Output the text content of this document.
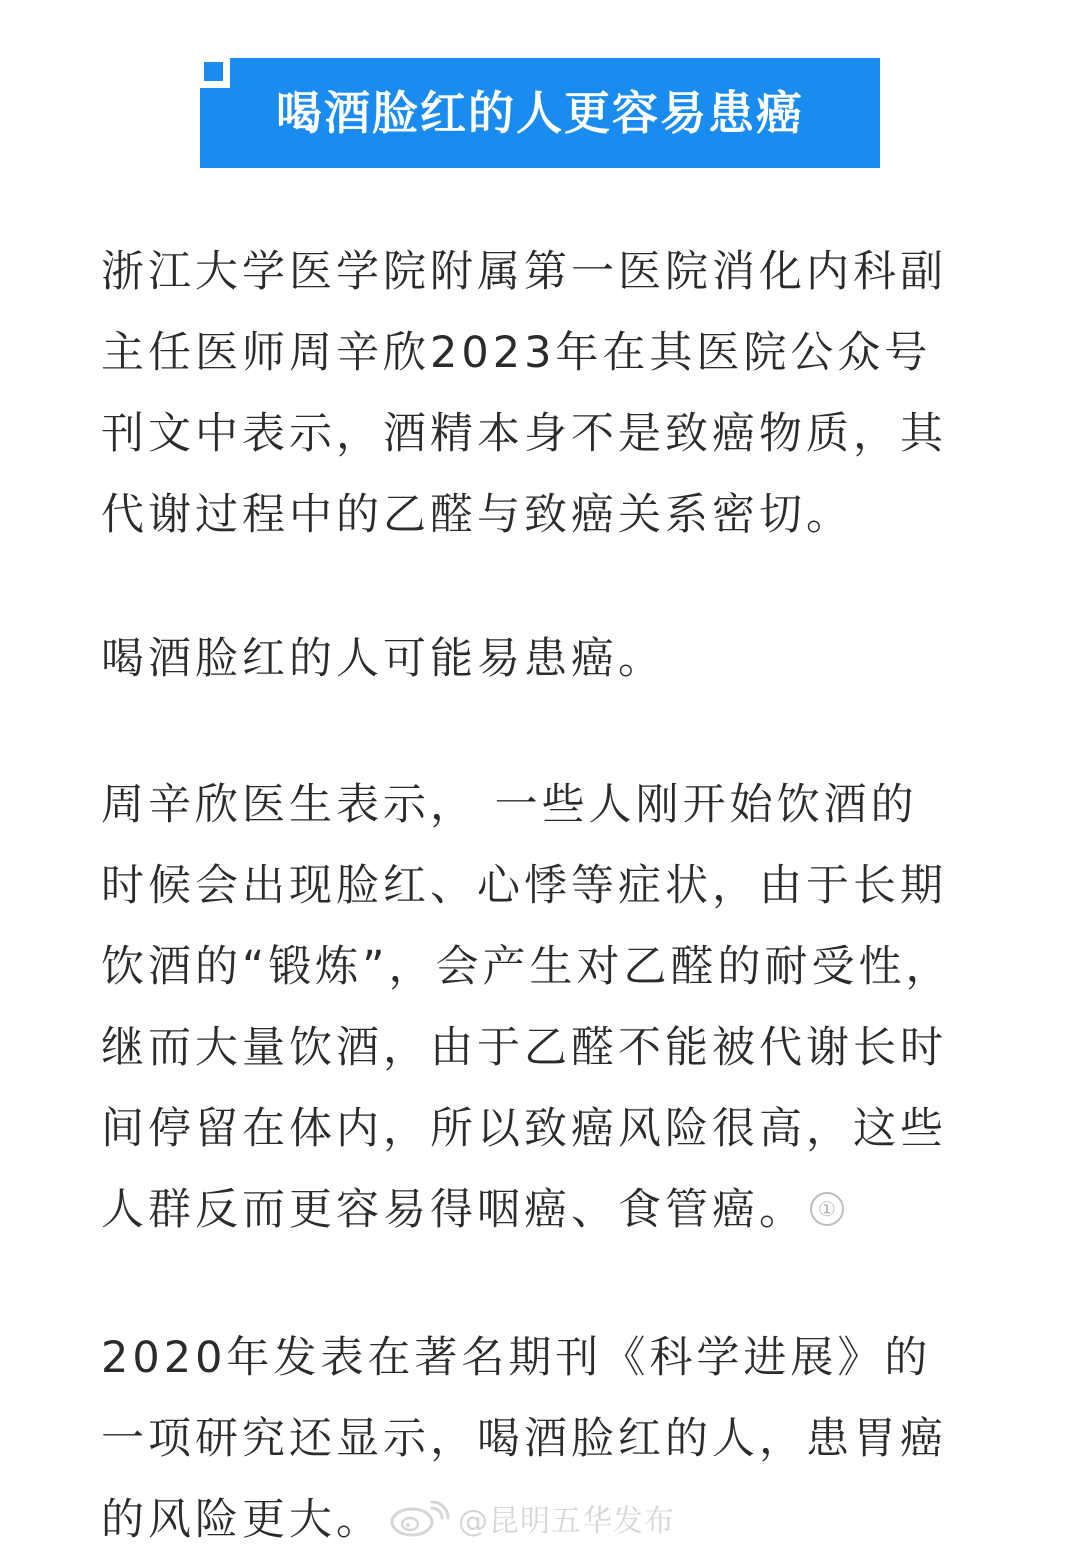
喝酒脸红的人更容易患癌
浙江大学医学院附属第一医院消化内科副
主任医师周辛欣2023年在其医院公众号
刊文中表示，酒精本身不是致癌物质，其
代谢过程中的乙醛与致癌关系密切。
喝酒脸红的人可能易患癌。
周辛欣医生表示， 一些人刚开始饮酒的
时候会出现脸红、心悸等症状，由于长期
饮酒的“锻炼”，会产生对乙醛的耐受性，
继而大量饮酒，由于乙醛不能被代谢长时
间停留在体内，所以致癌风险很高，这些
人群反而更容易得咽癌、食管癌。 ①
2020年发表在著名期刊《科学进展》的
一项研究还显示，喝酒脸红的人，患胃癌
的风险更大。	@昆明五华发布
